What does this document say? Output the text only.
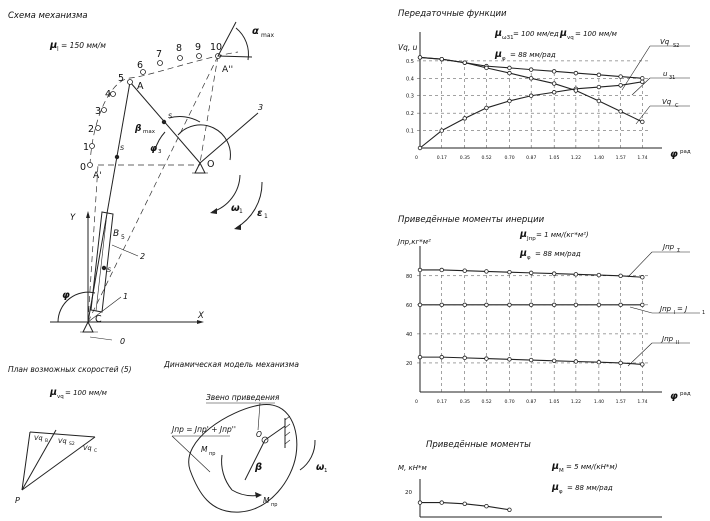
Схема механизма
μ l = 150 мм/м
Y
X
0
φ	1
2
3
B 5
0
1
2
3
4
5
6
7
8 9 10
A
A'
A''
O
C
S
S
S
α max
β max
φ 3
ω 1 ε 1
Передаточные функции
μ ω31 = 100 мм/ед μ vq = 100 мм/м
μ φ = 88 мм/рад
Vq, u
φ рад
0	0.17	0.35 0.52	0.70 0.87	1.05 1.22	1.40 1.57 1.74
0.1
0.2
0.3
0.4
0.5
Vq S2
u 31
Vq C
Приведённые моменты инерции
μ Jпр = 1 мм/(кг*м²)
μ φ = 88 мм/рад
Jпр,кг*м²
φ рад
0	0.17	0.35 0.52	0.70 0.87	1.05 1.22	1.40 1.57 1.74
20
40
60
80
Jпр Σ
Jпр I = J	1
Jпр II
Приведённые моменты
μ M = 5 мм/(кН*м)
μ φ = 88 мм/рад
M, кН*м
20
План возможных скоростей (5)
μ vq = 100 мм/м
Vq B Vq S2 Vq C
P
Динамическая модель механизма
Звено приведения
Jпр = Jпр' + Jпр''
O
M пр
M пр
β	ω 1
